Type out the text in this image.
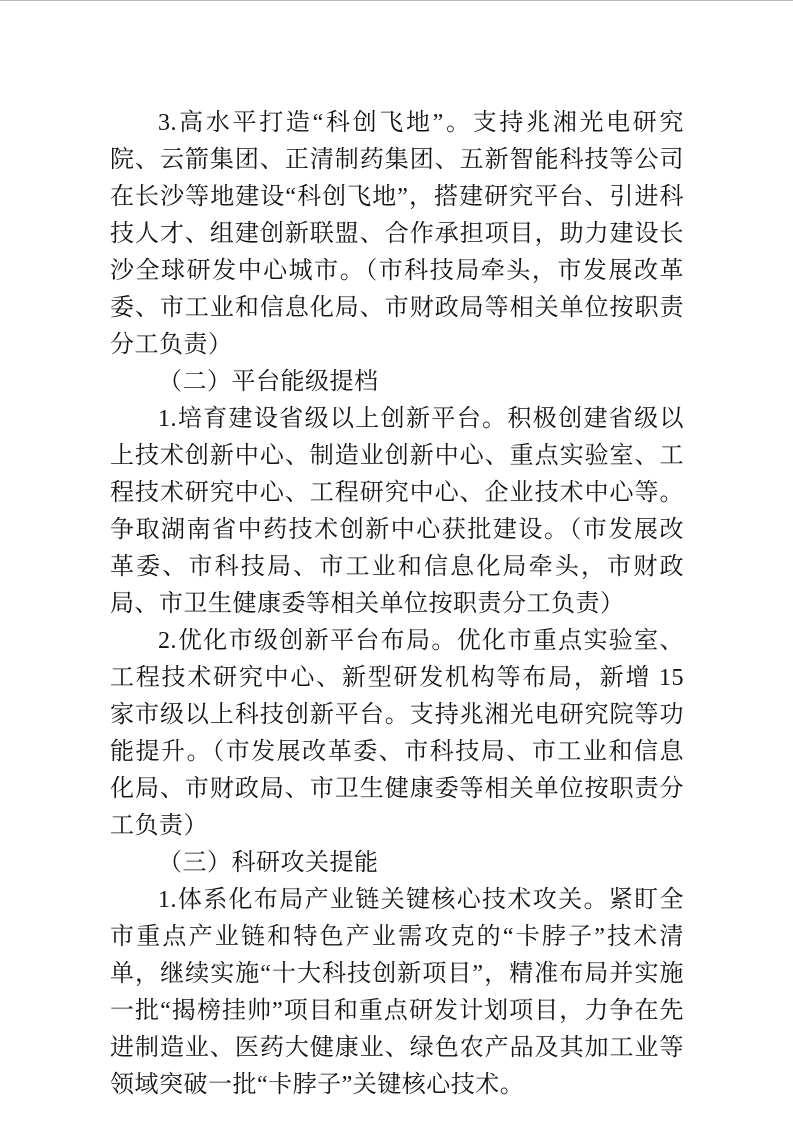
3.高水平打造“科创飞地”。支持兆湘光电研究院、云箭集团、正清制药集团、五新智能科技等公司在长沙等地建设“科创飞地”，搭建研究平台、引进科技人才、组建创新联盟、合作承担项目，助力建设长沙全球研发中心城市。（市科技局牵头，市发展改革委、市工业和信息化局、市财政局等相关单位按职责分工负责）

（二）平台能级提档

1.培育建设省级以上创新平台。积极创建省级以上技术创新中心、制造业创新中心、重点实验室、工程技术研究中心、工程研究中心、企业技术中心等。争取湖南省中药技术创新中心获批建设。（市发展改革委、市科技局、市工业和信息化局牵头，市财政局、市卫生健康委等相关单位按职责分工负责）

2.优化市级创新平台布局。优化市重点实验室、工程技术研究中心、新型研发机构等布局，新增 15 家市级以上科技创新平台。支持兆湘光电研究院等功能提升。（市发展改革委、市科技局、市工业和信息化局、市财政局、市卫生健康委等相关单位按职责分工负责）

（三）科研攻关提能

1.体系化布局产业链关键核心技术攻关。紧盯全市重点产业链和特色产业需攻克的“卡脖子”技术清单，继续实施“十大科技创新项目”，精准布局并实施一批“揭榜挂帅”项目和重点研发计划项目，力争在先进制造业、医药大健康业、绿色农产品及其加工业等领域突破一批“卡脖子”关键核心技术。
